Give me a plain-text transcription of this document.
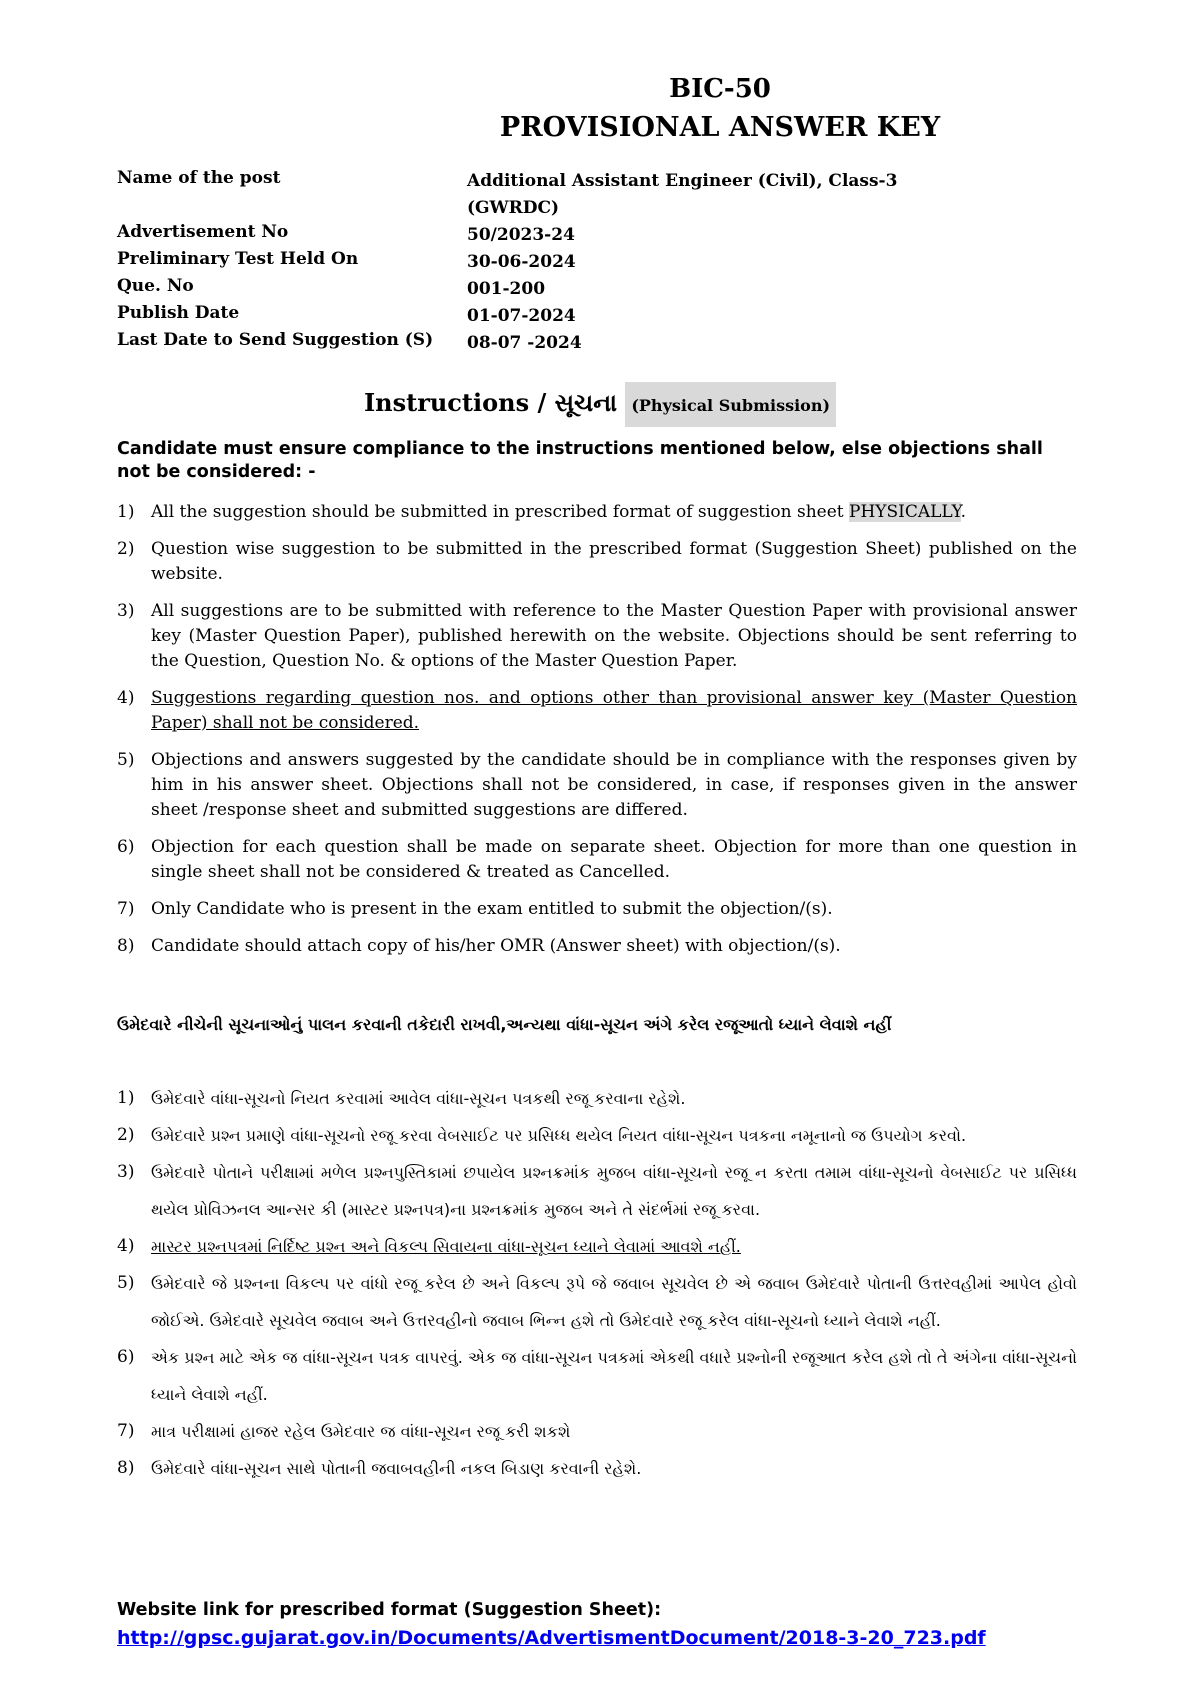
BIC-50
PROVISIONAL ANSWER KEY
Name of the post	Additional Assistant Engineer (Civil), Class-3 (GWRDC)
Advertisement No	50/2023-24
Preliminary Test Held On	30-06-2024
Que. No	001-200
Publish Date	01-07-2024
Last Date to Send Suggestion (S)	08-07 -2024
Instructions / સૂચના (Physical Submission)
Candidate must ensure compliance to the instructions mentioned below, else objections shall not be considered: -
1) All the suggestion should be submitted in prescribed format of suggestion sheet PHYSICALLY.
2) Question wise suggestion to be submitted in the prescribed format (Suggestion Sheet) published on the website.
3) All suggestions are to be submitted with reference to the Master Question Paper with provisional answer key (Master Question Paper), published herewith on the website. Objections should be sent referring to the Question, Question No. & options of the Master Question Paper.
4) Suggestions regarding question nos. and options other than provisional answer key (Master Question Paper) shall not be considered.
5) Objections and answers suggested by the candidate should be in compliance with the responses given by him in his answer sheet. Objections shall not be considered, in case, if responses given in the answer sheet /response sheet and submitted suggestions are differed.
6) Objection for each question shall be made on separate sheet. Objection for more than one question in single sheet shall not be considered & treated as Cancelled.
7) Only Candidate who is present in the exam entitled to submit the objection/(s).
8) Candidate should attach copy of his/her OMR (Answer sheet) with objection/(s).
ઉમેદવારે નીચેની સૂચનાઓનું પાલન કરવાની તકેદારી રાખવી,અન્યથા વાંધા-સૂચન અંગે કરેલ રજૂઆતો ધ્યાને લેવાશે નહીં
1) ઉમેદવારે વાંધા-સૂચનો નિયત કરવામાં આવેલ વાંધા-સૂચન પત્રકથી રજૂ કરવાના રહેશે.
2) ઉમેદવારે પ્રશ્ન પ્રમાણે વાંધા-સૂચનો રજૂ કરવા વેબસાઈટ પર પ્રસિધ્ધ થયેલ નિયત વાંધા-સૂચન પત્રકના નમૂનાનો જ ઉપયોગ કરવો.
3) ઉમેદવારે પોતાને પરીક્ષામાં મળેલ પ્રશ્નપુસ્તિકામાં છપાયેલ પ્રશ્નક્રમાંક મુજબ વાંધા-સૂચનો રજૂ ન કરતા તમામ વાંધા-સૂચનો વેબસાઈટ પર પ્રસિધ્ધ થયેલ પ્રોવિઝનલ આન્સર કી (માસ્ટર પ્રશ્નપત્ર)ના પ્રશ્નક્રમાંક મુજબ અને તે સંદર્ભમાં રજૂ કરવા.
4) માસ્ટર પ્રશ્નપત્રમાં નિર્દિષ્ટ પ્રશ્ન અને વિકલ્પ સિવાયના વાંધા-સૂચન ધ્યાને લેવામાં આવશે નહીં.
5) ઉમેદવારે જે પ્રશ્નના વિકલ્પ પર વાંધો રજૂ કરેલ છે અને વિકલ્પ રૂપે જે જવાબ સૂચવેલ છે એ જવાબ ઉમેદવારે પોતાની ઉત્તરવહીમાં આપેલ હોવો જોઈએ. ઉમેદવારે સૂચવેલ જવાબ અને ઉત્તરવહીનો જવાબ ભિન્ન હશે તો ઉમેદવારે રજૂ કરેલ વાંધા-સૂચનો ધ્યાને લેવાશે નહીં.
6) એક પ્રશ્ન માટે એક જ વાંધા-સૂચન પત્રક વાપરવું. એક જ વાંધા-સૂચન પત્રકમાં એકથી વધારે પ્રશ્નોની રજૂઆત કરેલ હશે તો તે અંગેના વાંધા-સૂચનો ધ્યાને લેવાશે નહીં.
7) માત્ર પરીક્ષામાં હાજર રહેલ ઉમેદવાર જ વાંધા-સૂચન રજૂ કરી શકશે
8) ઉમેદવારે વાંધા-સૂચન સાથે પોતાની જવાબવહીની નકલ બિડાણ કરવાની રહેશે.
Website link for prescribed format (Suggestion Sheet):
http://gpsc.gujarat.gov.in/Documents/AdvertismentDocument/2018-3-20_723.pdf
